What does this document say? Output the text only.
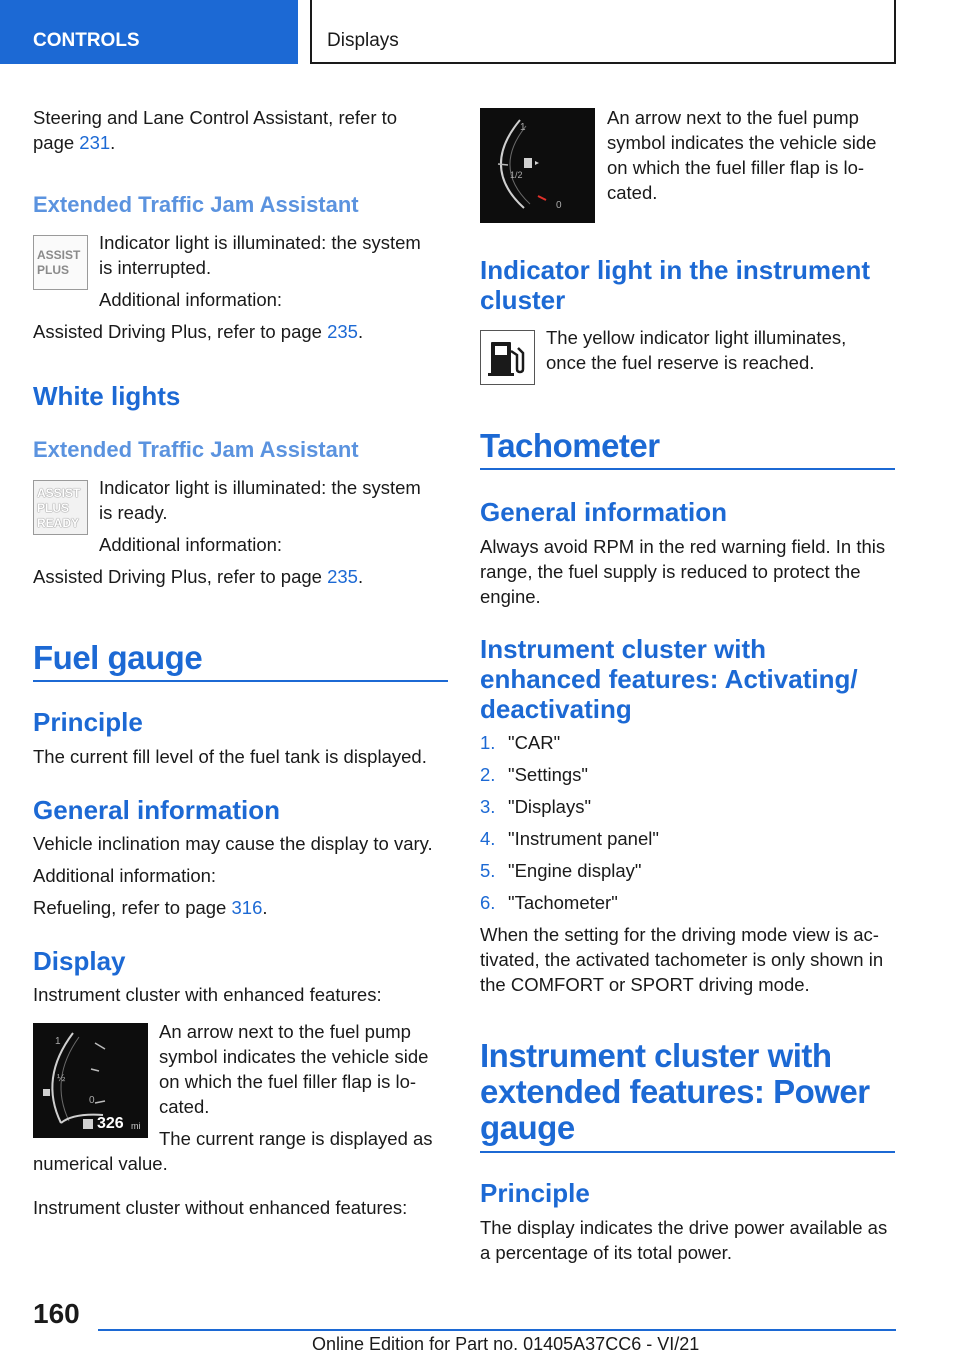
CONTROLS	Displays

Steering and Lane Control Assistant, refer to

page 231.

Extended Traffic Jam Assistant
ASSIST
PLUS

Indicator light is illuminated: the system

is interrupted.

Additional information:

Assisted Driving Plus, refer to page 235.

White lights
Extended Traffic Jam Assistant
ASSIST
PLUS
READY

Indicator light is illuminated: the system

is ready.

Additional information:

Assisted Driving Plus, refer to page 235.

Fuel gauge
Principle

The current fill level of the fuel tank is displayed.

General information

Vehicle inclination may cause the display to vary.

Additional information:

Refueling, refer to page 316.

Display

Instrument cluster with enhanced features:

1
½
0
326 mi

An arrow next to the fuel pump

symbol indicates the vehicle side

on which the fuel filler flap is lo-

cated.

The current range is displayed as

numerical value.

Instrument cluster without enhanced features:

1
1/2
0

An arrow next to the fuel pump

symbol indicates the vehicle side

on which the fuel filler flap is lo-

cated.

Indicator light in the instrument
cluster

The yellow indicator light illuminates,

once the fuel reserve is reached.

Tachometer
General information

Always avoid RPM in the red warning field. In this

range, the fuel supply is reduced to protect the

engine.

Instrument cluster with
enhanced features: Activating/
deactivating

1. "CAR"

2. "Settings"

3. "Displays"

4. "Instrument panel"

5. "Engine display"

6. "Tachometer"

When the setting for the driving mode view is ac-

tivated, the activated tachometer is only shown in

the COMFORT or SPORT driving mode.

Instrument cluster with
extended features: Power
gauge
Principle

The display indicates the drive power available as

a percentage of its total power.

160
Online Edition for Part no. 01405A37CC6 - VI/21
